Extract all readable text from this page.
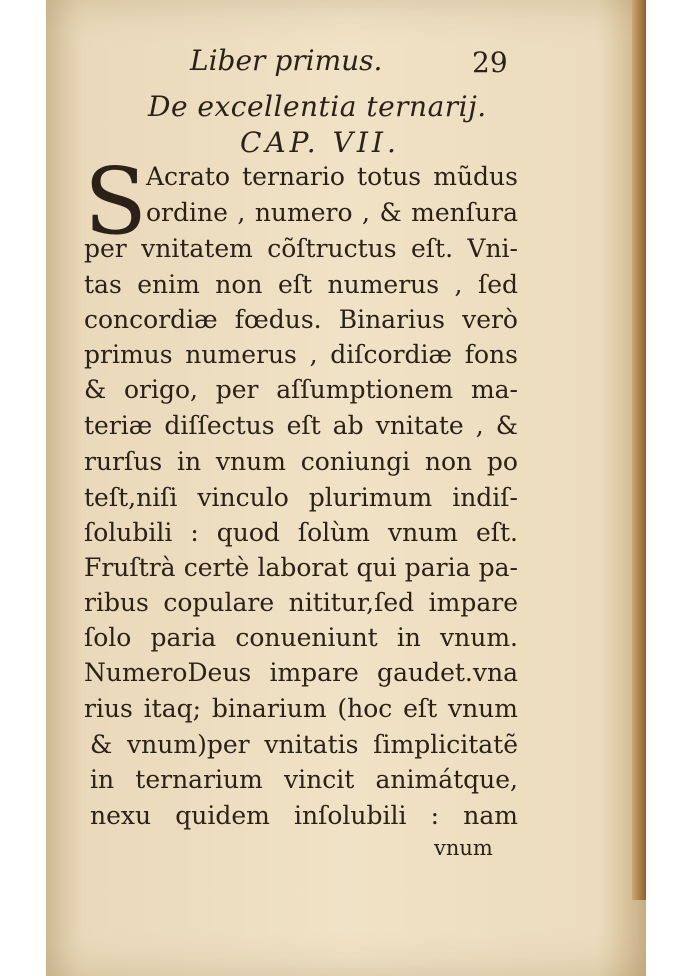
Liber primus.	29
De excellentia ternarij.
CAP. VII.
S
Acrato ternario totus mũdus
ordine , numero , & menſura
per vnitatem cõſtructus eſt. Vni-
tas enim non eſt numerus , ſed
concordiæ fœdus. Binarius verò
primus numerus , diſcordiæ fons
& origo, per aſſumptionem ma-
teriæ diſſectus eſt ab vnitate , &
rurſus in vnum coniungi non po
teſt,niſi vinculo plurimum indiſ-
ſolubili : quod ſolùm vnum eſt.
Fruſtrà certè laborat qui paria pa-
ribus copulare nititur,ſed impare
ſolo paria conueniunt in vnum.
NumeroDeus impare gaudet.vna
rius itaq; binarium (hoc eſt vnum
& vnum)per vnitatis ſimplicitatẽ
in ternarium vincit animátque,
nexu quidem inſolubili : nam
vnum
